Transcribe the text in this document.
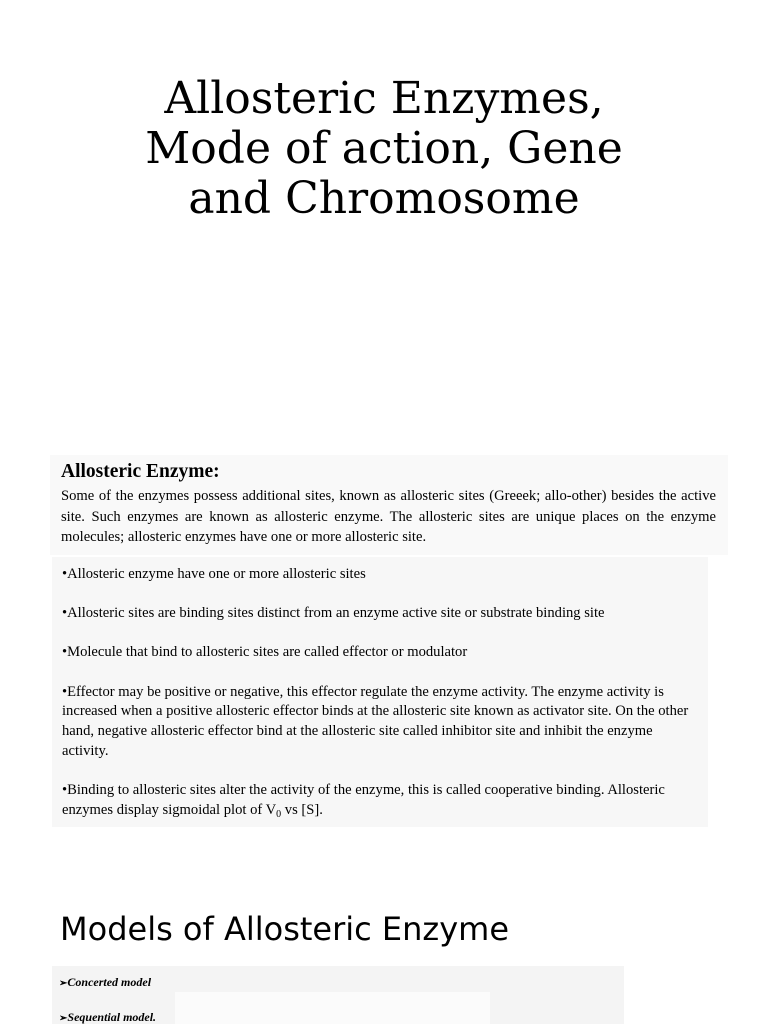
Allosteric Enzymes,
Mode of action, Gene
and Chromosome

Allosteric Enzyme:

Some of the enzymes possess additional sites, known as allosteric sites (Greeek; allo-other) besides the active site. Such enzymes are known as allosteric enzyme. The allosteric sites are unique places on the enzyme molecules; allosteric enzymes have one or more allosteric site.

•Allosteric enzyme have one or more allosteric sites
•Allosteric sites are binding sites distinct from an enzyme active site or substrate binding site
•Molecule that bind to allosteric sites are called effector or modulator
•Effector may be positive or negative, this effector regulate the enzyme activity. The enzyme activity is increased when a positive allosteric effector binds at the allosteric site known as activator site. On the other hand, negative allosteric effector bind at the allosteric site called inhibitor site and inhibit the enzyme activity.
•Binding to allosteric sites alter the activity of the enzyme, this is called cooperative binding. Allosteric enzymes display sigmoidal plot of $V_0$ vs [S].
Models of Allosteric Enzyme
➢Concerted model
➢Sequential model.
